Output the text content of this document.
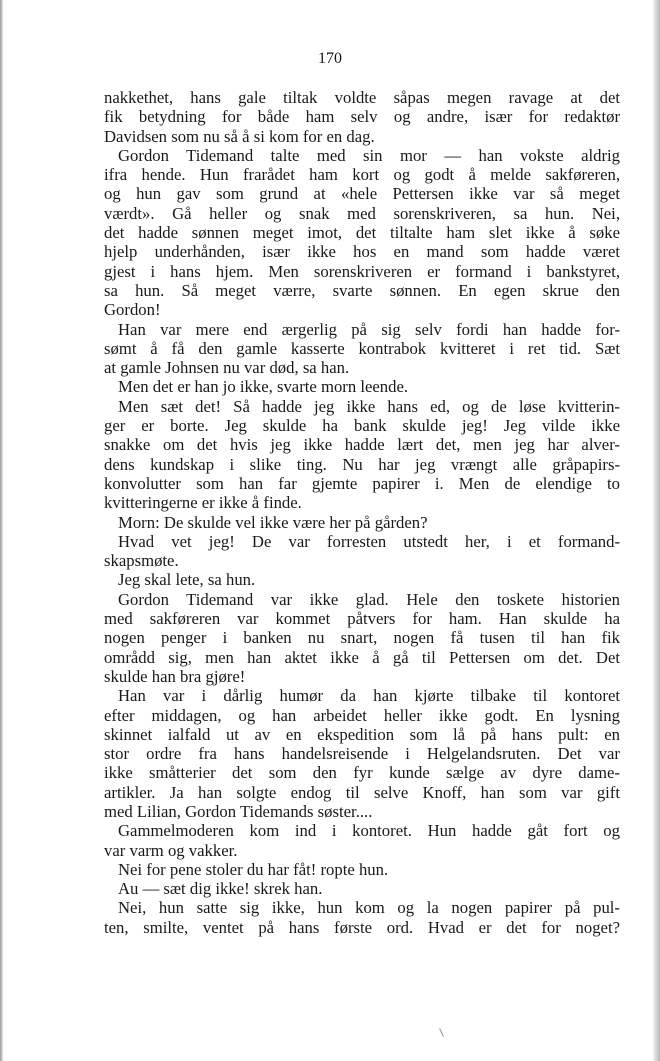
170
nakkethet, hans gale tiltak voldte såpas megen ravage at det
fik betydning for både ham selv og andre, især for redaktør
Davidsen som nu så å si kom for en dag.
Gordon Tidemand talte med sin mor — han vokste aldrig
ifra hende. Hun frarådet ham kort og godt å melde sakføreren,
og hun gav som grund at «hele Pettersen ikke var så meget
værdt». Gå heller og snak med sorenskriveren, sa hun. Nei,
det hadde sønnen meget imot, det tiltalte ham slet ikke å søke
hjelp underhånden, især ikke hos en mand som hadde været
gjest i hans hjem. Men sorenskriveren er formand i bankstyret,
sa hun. Så meget værre, svarte sønnen. En egen skrue den
Gordon!
Han var mere end ærgerlig på sig selv fordi han hadde for-
sømt å få den gamle kasserte kontrabok kvitteret i ret tid. Sæt
at gamle Johnsen nu var død, sa han.
Men det er han jo ikke, svarte morn leende.
Men sæt det! Så hadde jeg ikke hans ed, og de løse kvitterin-
ger er borte. Jeg skulde ha bank skulde jeg! Jeg vilde ikke
snakke om det hvis jeg ikke hadde lært det, men jeg har alver-
dens kundskap i slike ting. Nu har jeg vrængt alle gråpapirs-
konvolutter som han far gjemte papirer i. Men de elendige to
kvitteringerne er ikke å finde.
Morn: De skulde vel ikke være her på gården?
Hvad vet jeg! De var forresten utstedt her, i et formand-
skapsmøte.
Jeg skal lete, sa hun.
Gordon Tidemand var ikke glad. Hele den toskete historien
med sakføreren var kommet påtvers for ham. Han skulde ha
nogen penger i banken nu snart, nogen få tusen til han fik
områdd sig, men han aktet ikke å gå til Pettersen om det. Det
skulde han bra gjøre!
Han var i dårlig humør da han kjørte tilbake til kontoret
efter middagen, og han arbeidet heller ikke godt. En lysning
skinnet ialfald ut av en ekspedition som lå på hans pult: en
stor ordre fra hans handelsreisende i Helgelandsruten. Det var
ikke småtterier det som den fyr kunde sælge av dyre dame-
artikler. Ja han solgte endog til selve Knoff, han som var gift
med Lilian, Gordon Tidemands søster....
Gammelmoderen kom ind i kontoret. Hun hadde gåt fort og
var varm og vakker.
Nei for pene stoler du har fåt! ropte hun.
Au — sæt dig ikke! skrek han.
Nei, hun satte sig ikke, hun kom og la nogen papirer på pul-
ten, smilte, ventet på hans første ord. Hvad er det for noget?
